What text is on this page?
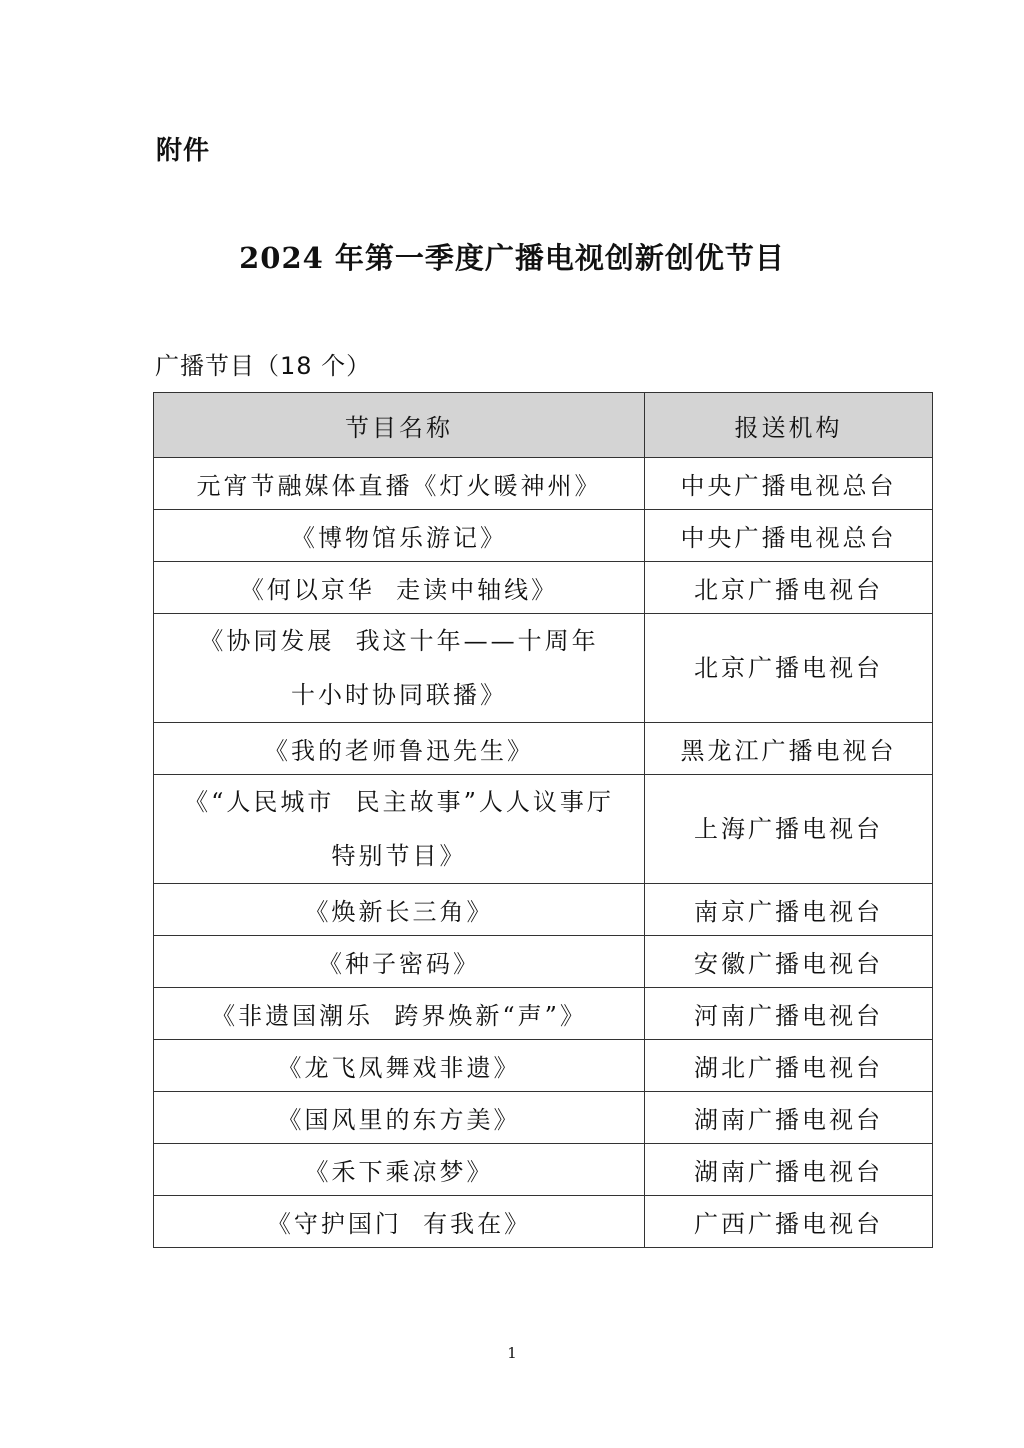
附件
2024 年第一季度广播电视创新创优节目
广播节目（18 个）
节目名称	报送机构
元宵节融媒体直播《灯火暖神州》	中央广播电视总台
《博物馆乐游记》	中央广播电视总台
《何以京华  走读中轴线》	北京广播电视台
《协同发展  我这十年——十周年
十小时协同联播》	北京广播电视台
《我的老师鲁迅先生》	黑龙江广播电视台
《“人民城市  民主故事”人人议事厅
特别节目》	上海广播电视台
《焕新长三角》	南京广播电视台
《种子密码》	安徽广播电视台
《非遗国潮乐  跨界焕新“声”》	河南广播电视台
《龙飞凤舞戏非遗》	湖北广播电视台
《国风里的东方美》	湖南广播电视台
《禾下乘凉梦》	湖南广播电视台
《守护国门  有我在》	广西广播电视台
1
